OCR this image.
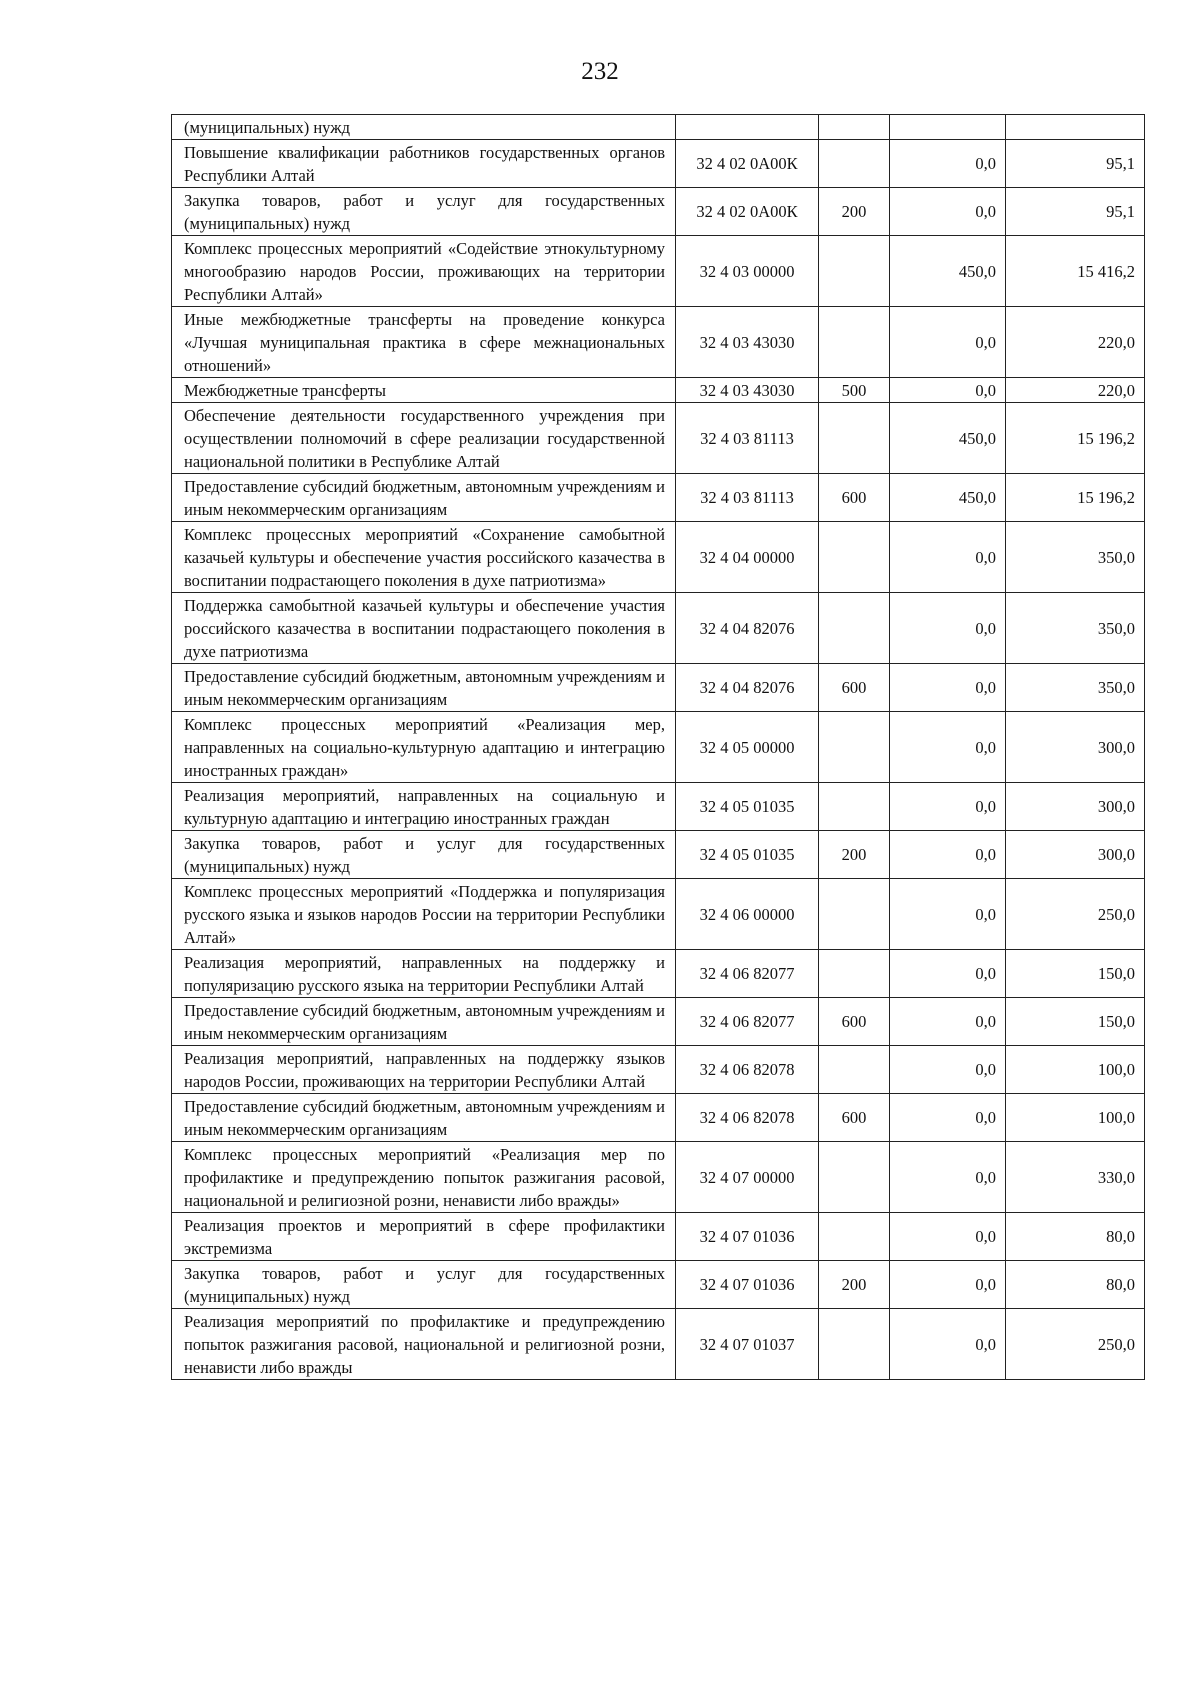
232
(муниципальных) нужд				
Повышение квалификации работников государственных органов Республики Алтай	32 4 02 0А00К		0,0	95,1
Закупка товаров, работ и услуг для государственных (муниципальных) нужд	32 4 02 0А00К	200	0,0	95,1
Комплекс процессных мероприятий «Содействие этнокультурному многообразию народов России, проживающих на территории Республики Алтай»	32 4 03 00000		450,0	15 416,2
Иные межбюджетные трансферты на проведение конкурса «Лучшая муниципальная практика в сфере межнациональных отношений»	32 4 03 43030		0,0	220,0
Межбюджетные трансферты	32 4 03 43030	500	0,0	220,0
Обеспечение деятельности государственного учреждения при осуществлении полномочий в сфере реализации государственной национальной политики в Республике Алтай	32 4 03 81113		450,0	15 196,2
Предоставление субсидий бюджетным, автономным учреждениям и иным некоммерческим организациям	32 4 03 81113	600	450,0	15 196,2
Комплекс процессных мероприятий «Сохранение самобытной казачьей культуры и обеспечение участия российского казачества в воспитании подрастающего поколения в духе патриотизма»	32 4 04 00000		0,0	350,0
Поддержка самобытной казачьей культуры и обеспечение участия российского казачества в воспитании подрастающего поколения в духе патриотизма	32 4 04 82076		0,0	350,0
Предоставление субсидий бюджетным, автономным учреждениям и иным некоммерческим организациям	32 4 04 82076	600	0,0	350,0
Комплекс процессных мероприятий «Реализация мер, направленных на социально-культурную адаптацию и интеграцию иностранных граждан»	32 4 05 00000		0,0	300,0
Реализация мероприятий, направленных на социальную и культурную адаптацию и интеграцию иностранных граждан	32 4 05 01035		0,0	300,0
Закупка товаров, работ и услуг для государственных (муниципальных) нужд	32 4 05 01035	200	0,0	300,0
Комплекс процессных мероприятий «Поддержка и популяризация русского языка и языков народов России на территории Республики Алтай»	32 4 06 00000		0,0	250,0
Реализация мероприятий, направленных на поддержку и популяризацию русского языка на территории Республики Алтай	32 4 06 82077		0,0	150,0
Предоставление субсидий бюджетным, автономным учреждениям и иным некоммерческим организациям	32 4 06 82077	600	0,0	150,0
Реализация мероприятий, направленных на поддержку языков народов России, проживающих на территории Республики Алтай	32 4 06 82078		0,0	100,0
Предоставление субсидий бюджетным, автономным учреждениям и иным некоммерческим организациям	32 4 06 82078	600	0,0	100,0
Комплекс процессных мероприятий «Реализация мер по профилактике и предупреждению попыток разжигания расовой, национальной и религиозной розни, ненависти либо вражды»	32 4 07 00000		0,0	330,0
Реализация проектов и мероприятий в сфере профилактики экстремизма	32 4 07 01036		0,0	80,0
Закупка товаров, работ и услуг для государственных (муниципальных) нужд	32 4 07 01036	200	0,0	80,0
Реализация мероприятий по профилактике и предупреждению попыток разжигания расовой, национальной и религиозной розни, ненависти либо вражды	32 4 07 01037		0,0	250,0
